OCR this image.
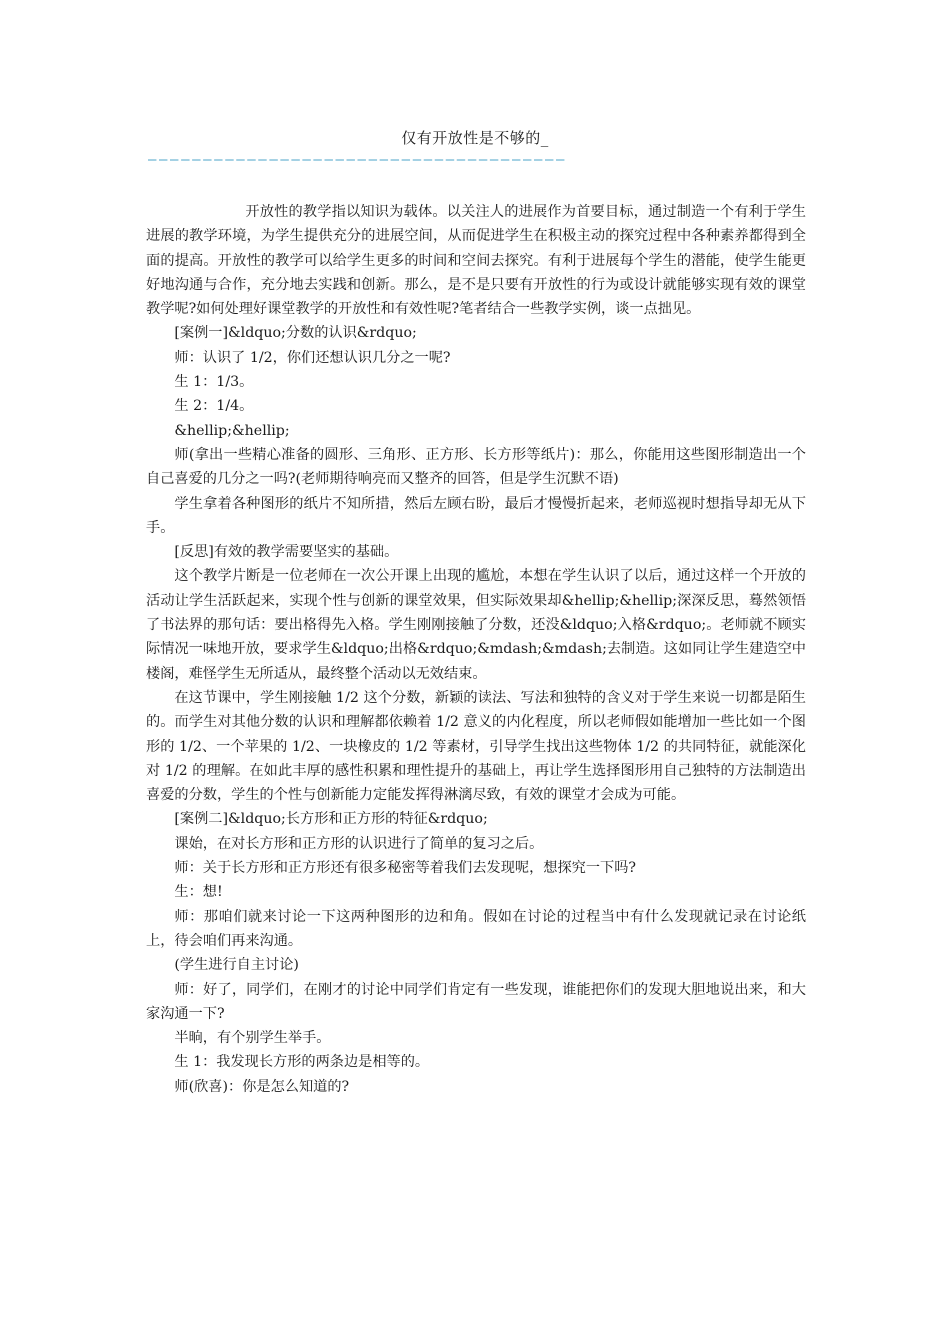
仅有开放性是不够的_
——————————————————————————————————————

开放性的教学指以知识为载体。以关注人的进展作为首要目标，通过制造一个有利于学生进展的教学环境，为学生提供充分的进展空间，从而促进学生在积极主动的探究过程中各种素养都得到全面的提高。开放性的教学可以给学生更多的时间和空间去探究。有利于进展每个学生的潜能，使学生能更好地沟通与合作，充分地去实践和创新。那么，是不是只要有开放性的行为或设计就能够实现有效的课堂教学呢?如何处理好课堂教学的开放性和有效性呢?笔者结合一些教学实例，谈一点拙见。

[案例一]&ldquo;分数的认识&rdquo;

师：认识了 1/2，你们还想认识几分之一呢?

生 1：1/3。

生 2：1/4。

&hellip;&hellip;

师(拿出一些精心准备的圆形、三角形、正方形、长方形等纸片)：那么，你能用这些图形制造出一个自己喜爱的几分之一吗?(老师期待响亮而又整齐的回答，但是学生沉默不语)

学生拿着各种图形的纸片不知所措，然后左顾右盼，最后才慢慢折起来，老师巡视时想指导却无从下手。

[反思]有效的教学需要坚实的基础。

这个教学片断是一位老师在一次公开课上出现的尴尬，本想在学生认识了以后，通过这样一个开放的活动让学生活跃起来，实现个性与创新的课堂效果，但实际效果却&hellip;&hellip;深深反思，蓦然领悟了书法界的那句话：要出格得先入格。学生刚刚接触了分数，还没&ldquo;入格&rdquo;。老师就不顾实际情况一味地开放，要求学生&ldquo;出格&rdquo;&mdash;&mdash;去制造。这如同让学生建造空中楼阁，难怪学生无所适从，最终整个活动以无效结束。

在这节课中，学生刚接触 1/2 这个分数，新颖的读法、写法和独特的含义对于学生来说一切都是陌生的。而学生对其他分数的认识和理解都依赖着 1/2 意义的内化程度，所以老师假如能增加一些比如一个图形的 1/2、一个苹果的 1/2、一块橡皮的 1/2 等素材，引导学生找出这些物体 1/2 的共同特征，就能深化对 1/2 的理解。在如此丰厚的感性积累和理性提升的基础上，再让学生选择图形用自己独特的方法制造出喜爱的分数，学生的个性与创新能力定能发挥得淋漓尽致，有效的课堂才会成为可能。

[案例二]&ldquo;长方形和正方形的特征&rdquo;

课始，在对长方形和正方形的认识进行了简单的复习之后。

师：关于长方形和正方形还有很多秘密等着我们去发现呢，想探究一下吗?

生：想!

师：那咱们就来讨论一下这两种图形的边和角。假如在讨论的过程当中有什么发现就记录在讨论纸上，待会咱们再来沟通。

(学生进行自主讨论)

师：好了，同学们，在刚才的讨论中同学们肯定有一些发现，谁能把你们的发现大胆地说出来，和大家沟通一下?

半晌，有个别学生举手。

生 1：我发现长方形的两条边是相等的。

师(欣喜)：你是怎么知道的?
